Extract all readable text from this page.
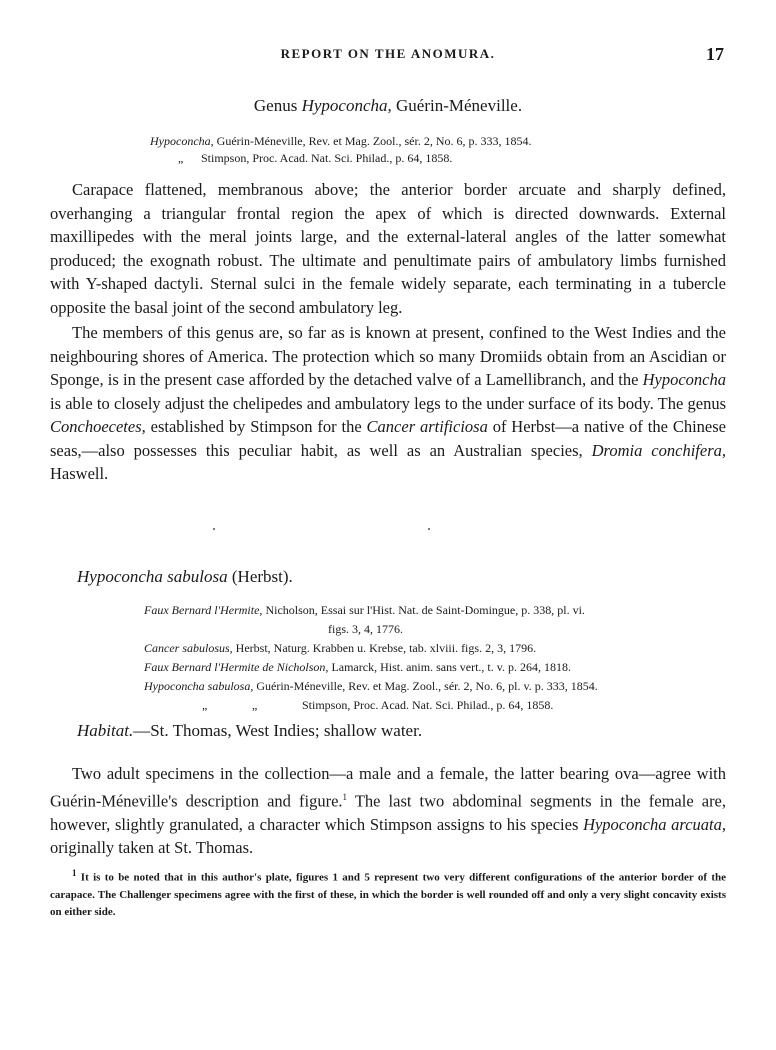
REPORT ON THE ANOMURA.	17
Genus Hypoconcha, Guérin-Méneville.
Hypoconcha, Guérin-Méneville, Rev. et Mag. Zool., sér. 2, No. 6, p. 333, 1854.
„ Stimpson, Proc. Acad. Nat. Sci. Philad., p. 64, 1858.

Carapace flattened, membranous above; the anterior border arcuate and sharply defined, overhanging a triangular frontal region the apex of which is directed downwards. External maxillipedes with the meral joints large, and the external-lateral angles of the latter somewhat produced; the exognath robust. The ultimate and penultimate pairs of ambulatory limbs furnished with Y-shaped dactyli. Sternal sulci in the female widely separate, each terminating in a tubercle opposite the basal joint of the second ambulatory leg.

The members of this genus are, so far as is known at present, confined to the West Indies and the neighbouring shores of America. The protection which so many Dromiids obtain from an Ascidian or Sponge, is in the present case afforded by the detached valve of a Lamellibranch, and the Hypoconcha is able to closely adjust the chelipedes and ambulatory legs to the under surface of its body. The genus Conchoecetes, established by Stimpson for the Cancer artificiosa of Herbst—a native of the Chinese seas,—also possesses this peculiar habit, as well as an Australian species, Dromia conchifera, Haswell.

Hypoconcha sabulosa (Herbst).
Faux Bernard l'Hermite, Nicholson, Essai sur l'Hist. Nat. de Saint-Domingue, p. 338, pl. vi.
figs. 3, 4, 1776.
Cancer sabulosus, Herbst, Naturg. Krabben u. Krebse, tab. xlviii. figs. 2, 3, 1796.
Faux Bernard l'Hermite de Nicholson, Lamarck, Hist. anim. sans vert., t. v. p. 264, 1818.
Hypoconcha sabulosa, Guérin-Méneville, Rev. et Mag. Zool., sér. 2, No. 6, pl. v. p. 333, 1854.
„	„	Stimpson, Proc. Acad. Nat. Sci. Philad., p. 64, 1858.
Habitat.—St. Thomas, West Indies; shallow water.

Two adult specimens in the collection—a male and a female, the latter bearing ova—agree with Guérin-Méneville's description and figure.$^1$ The last two abdominal segments in the female are, however, slightly granulated, a character which Stimpson assigns to his species Hypoconcha arcuata, originally taken at St. Thomas.

$^1$ It is to be noted that in this author's plate, figures 1 and 5 represent two very different configurations of the anterior border of the carapace. The Challenger specimens agree with the first of these, in which the border is well rounded off and only a very slight concavity exists on either side.
